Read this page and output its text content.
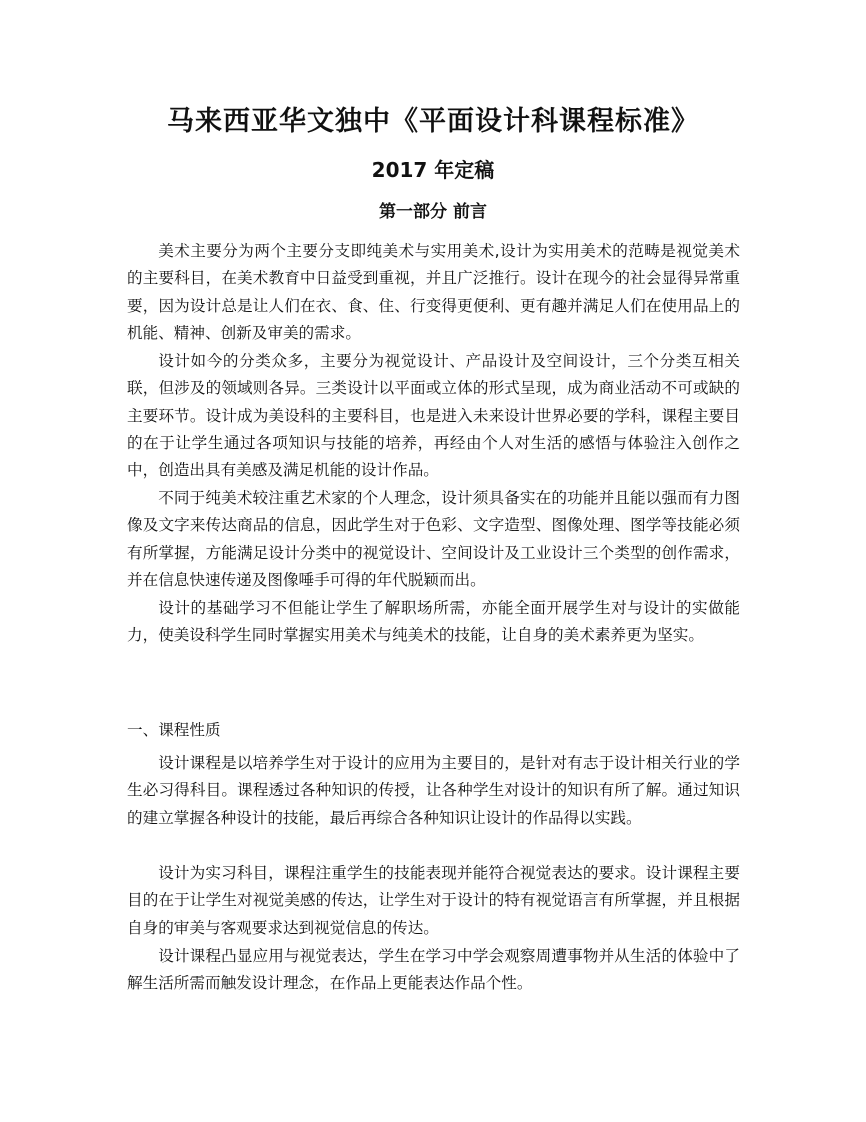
马来西亚华文独中《平面设计科课程标准》
2017 年定稿
第一部分 前言

美术主要分为两个主要分支即纯美术与实用美术,设计为实用美术的范畴是视觉美术的主要科目，在美术教育中日益受到重视，并且广泛推行。设计在现今的社会显得异常重要，因为设计总是让人们在衣、食、住、行变得更便利、更有趣并满足人们在使用品上的机能、精神、创新及审美的需求。

设计如今的分类众多，主要分为视觉设计、产品设计及空间设计，三个分类互相关联，但涉及的领域则各异。三类设计以平面或立体的形式呈现，成为商业活动不可或缺的主要环节。设计成为美设科的主要科目，也是进入未来设计世界必要的学科，课程主要目的在于让学生通过各项知识与技能的培养，再经由个人对生活的感悟与体验注入创作之中，创造出具有美感及满足机能的设计作品。

不同于纯美术较注重艺术家的个人理念，设计须具备实在的功能并且能以强而有力图像及文字来传达商品的信息，因此学生对于色彩、文字造型、图像处理、图学等技能必须有所掌握，方能满足设计分类中的视觉设计、空间设计及工业设计三个类型的创作需求，并在信息快速传递及图像唾手可得的年代脱颖而出。

设计的基础学习不但能让学生了解职场所需，亦能全面开展学生对与设计的实做能力，使美设科学生同时掌握实用美术与纯美术的技能，让自身的美术素养更为坚实。

一、课程性质

设计课程是以培养学生对于设计的应用为主要目的，是针对有志于设计相关行业的学生必习得科目。课程透过各种知识的传授，让各种学生对设计的知识有所了解。通过知识的建立掌握各种设计的技能，最后再综合各种知识让设计的作品得以实践。

设计为实习科目，课程注重学生的技能表现并能符合视觉表达的要求。设计课程主要目的在于让学生对视觉美感的传达，让学生对于设计的特有视觉语言有所掌握，并且根据自身的审美与客观要求达到视觉信息的传达。

设计课程凸显应用与视觉表达，学生在学习中学会观察周遭事物并从生活的体验中了解生活所需而触发设计理念，在作品上更能表达作品个性。
